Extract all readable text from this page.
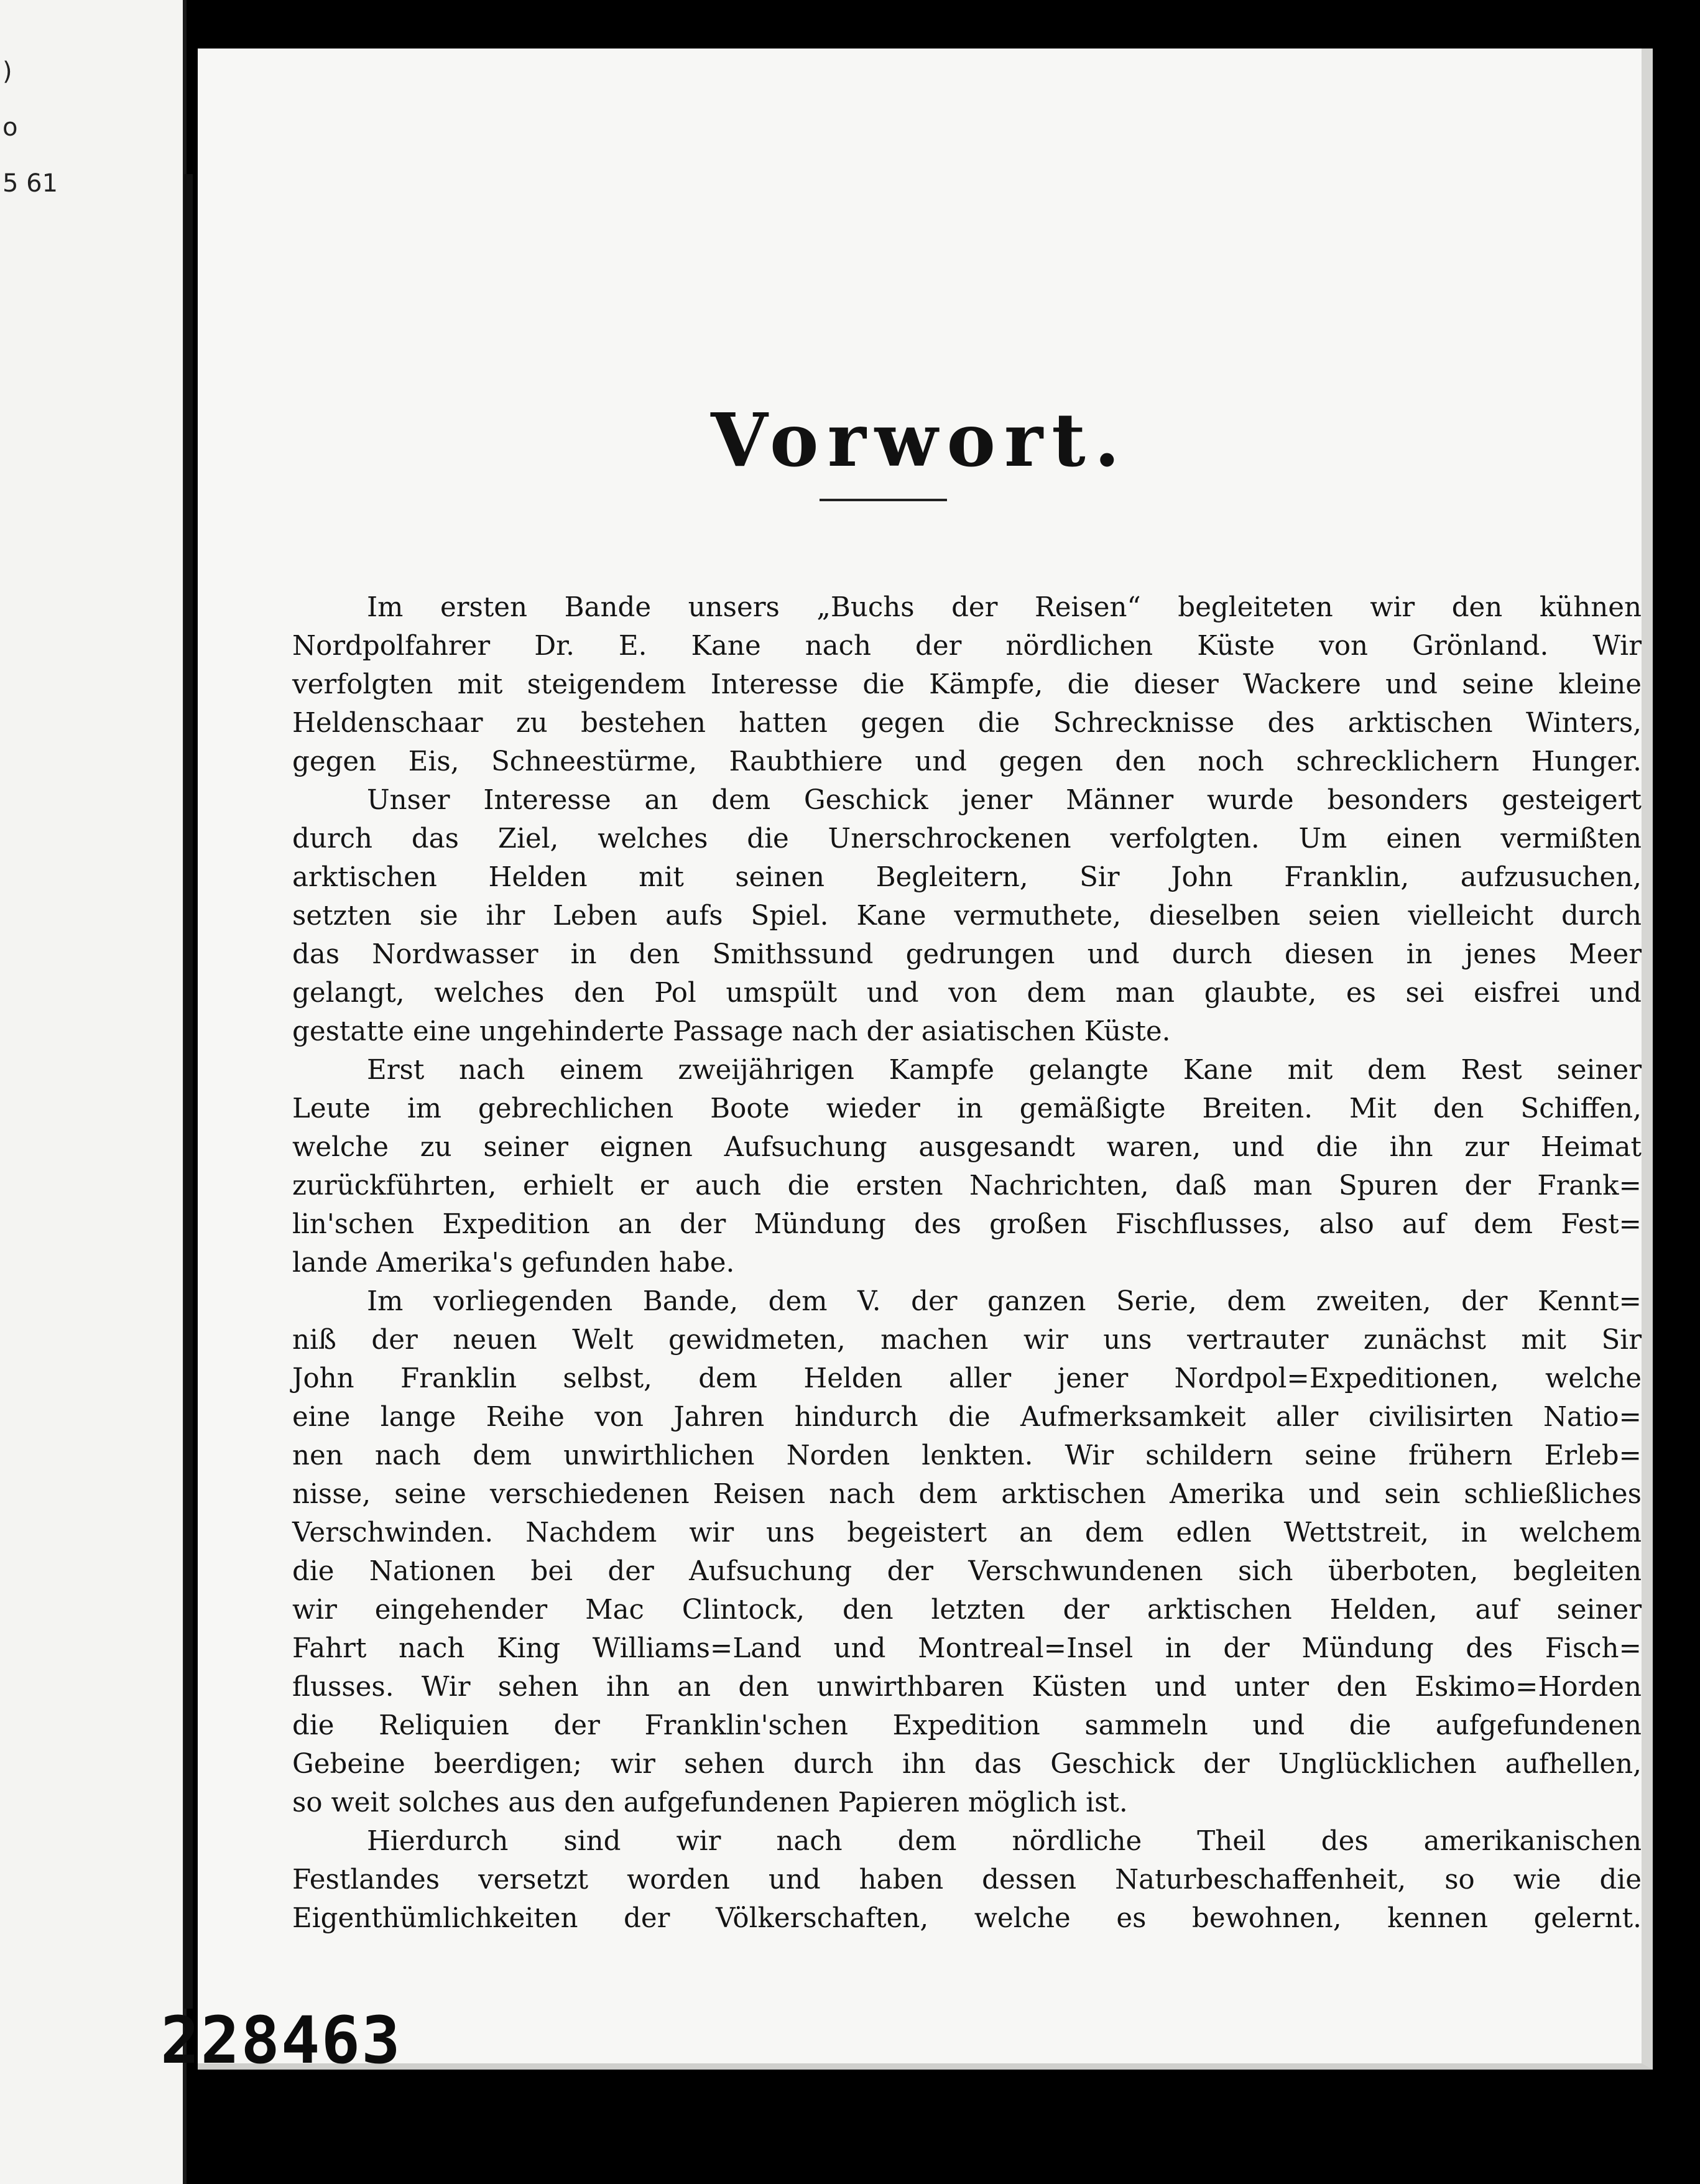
)
o
5 61
Vorwort.
Im ersten Bande unsers „Buchs der Reisen“ begleiteten wir den kühnen
Nordpolfahrer Dr. E. Kane nach der nördlichen Küste von Grönland. Wir
verfolgten mit steigendem Interesse die Kämpfe, die dieser Wackere und seine kleine
Heldenschaar zu bestehen hatten gegen die Schrecknisse des arktischen Winters,
gegen Eis, Schneestürme, Raubthiere und gegen den noch schrecklichern Hunger.
Unser Interesse an dem Geschick jener Männer wurde besonders gesteigert
durch das Ziel, welches die Unerschrockenen verfolgten. Um einen vermißten
arktischen Helden mit seinen Begleitern, Sir John Franklin, aufzusuchen,
setzten sie ihr Leben aufs Spiel. Kane vermuthete, dieselben seien vielleicht durch
das Nordwasser in den Smithssund gedrungen und durch diesen in jenes Meer
gelangt, welches den Pol umspült und von dem man glaubte, es sei eisfrei und
gestatte eine ungehinderte Passage nach der asiatischen Küste.
Erst nach einem zweijährigen Kampfe gelangte Kane mit dem Rest seiner
Leute im gebrechlichen Boote wieder in gemäßigte Breiten. Mit den Schiffen,
welche zu seiner eignen Aufsuchung ausgesandt waren, und die ihn zur Heimat
zurückführten, erhielt er auch die ersten Nachrichten, daß man Spuren der Frank=
lin'schen Expedition an der Mündung des großen Fischflusses, also auf dem Fest=
lande Amerika's gefunden habe.
Im vorliegenden Bande, dem V. der ganzen Serie, dem zweiten, der Kennt=
niß der neuen Welt gewidmeten, machen wir uns vertrauter zunächst mit Sir
John Franklin selbst, dem Helden aller jener Nordpol=Expeditionen, welche
eine lange Reihe von Jahren hindurch die Aufmerksamkeit aller civilisirten Natio=
nen nach dem unwirthlichen Norden lenkten. Wir schildern seine frühern Erleb=
nisse, seine verschiedenen Reisen nach dem arktischen Amerika und sein schließliches
Verschwinden. Nachdem wir uns begeistert an dem edlen Wettstreit, in welchem
die Nationen bei der Aufsuchung der Verschwundenen sich überboten, begleiten
wir eingehender Mac Clintock, den letzten der arktischen Helden, auf seiner
Fahrt nach King Williams=Land und Montreal=Insel in der Mündung des Fisch=
flusses. Wir sehen ihn an den unwirthbaren Küsten und unter den Eskimo=Horden
die Reliquien der Franklin'schen Expedition sammeln und die aufgefundenen
Gebeine beerdigen; wir sehen durch ihn das Geschick der Unglücklichen aufhellen,
so weit solches aus den aufgefundenen Papieren möglich ist.
Hierdurch sind wir nach dem nördliche Theil des amerikanischen
Festlandes versetzt worden und haben dessen Naturbeschaffenheit, so wie die
Eigenthümlichkeiten der Völkerschaften, welche es bewohnen, kennen gelernt.
228463
